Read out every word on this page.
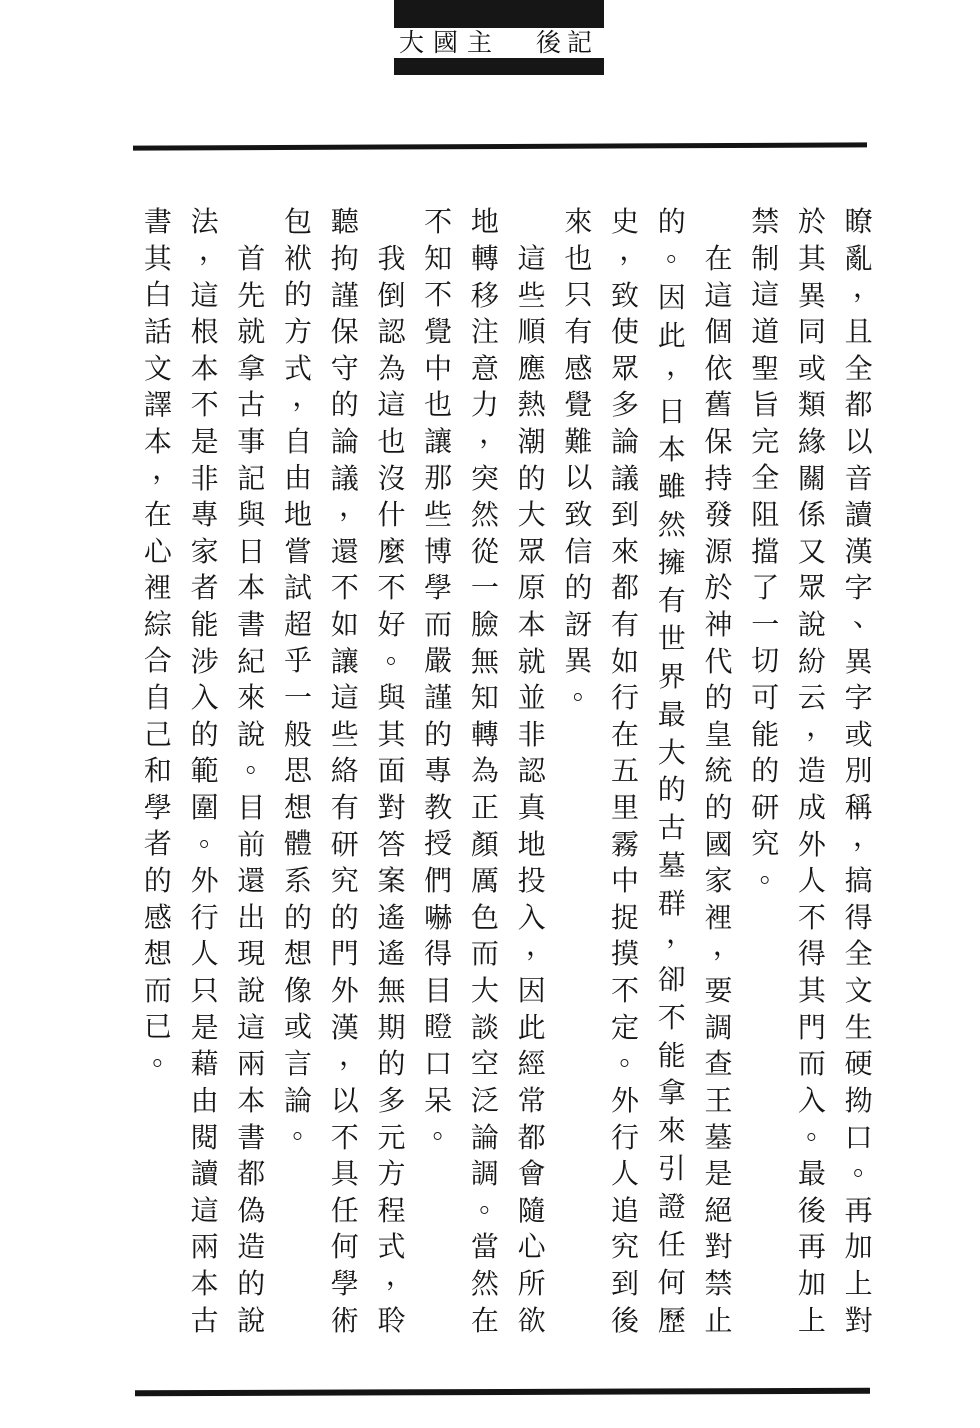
大國主 後記
瞭
亂
，
且
全
都
以
音
讀
漢
字
、
異
字
或
別
稱
，
搞
得
全
文
生
硬
拗
口
。
再
加
上
對
於
其
異
同
或
類
緣
關
係
又
眾
說
紛
云
，
造
成
外
人
不
得
其
門
而
入
。
最
後
再
加
上
禁
制
這
道
聖
旨
完
全
阻
擋
了
一
切
可
能
的
研
究
。

在
這
個
依
舊
保
持
發
源
於
神
代
的
皇
統
的
國
家
裡
，
要
調
查
王
墓
是
絕
對
禁
止
的
。
因
此
，
日
本
雖
然
擁
有
世
界
最
大
的
古
墓
群
，
卻
不
能
拿
來
引
證
任
何
歷
史
，
致
使
眾
多
論
議
到
來
都
有
如
行
在
五
里
霧
中
捉
摸
不
定
。
外
行
人
追
究
到
後
來
也
只
有
感
覺
難
以
致
信
的
訝
異
。

這
些
順
應
熱
潮
的
大
眾
原
本
就
並
非
認
真
地
投
入
，
因
此
經
常
都
會
隨
心
所
欲
地
轉
移
注
意
力
，
突
然
從
一
臉
無
知
轉
為
正
顏
厲
色
而
大
談
空
泛
論
調
。
當
然
在
不
知
不
覺
中
也
讓
那
些
博
學
而
嚴
謹
的
專
教
授
們
嚇
得
目
瞪
口
呆
。

我
倒
認
為
這
也
沒
什
麼
不
好
。
與
其
面
對
答
案
遙
遙
無
期
的
多
元
方
程
式
，
聆
聽
拘
謹
保
守
的
論
議
，
還
不
如
讓
這
些
絡
有
研
究
的
門
外
漢
，
以
不
具
任
何
學
術
包
袱
的
方
式
，
自
由
地
嘗
試
超
乎
一
般
思
想
體
系
的
想
像
或
言
論
。

首
先
就
拿
古
事
記
與
日
本
書
紀
來
說
。
目
前
還
出
現
說
這
兩
本
書
都
偽
造
的
說
法
，
這
根
本
不
是
非
專
家
者
能
涉
入
的
範
圍
。
外
行
人
只
是
藉
由
閱
讀
這
兩
本
古
書
其
白
話
文
譯
本
，
在
心
裡
綜
合
自
己
和
學
者
的
感
想
而
已
。
